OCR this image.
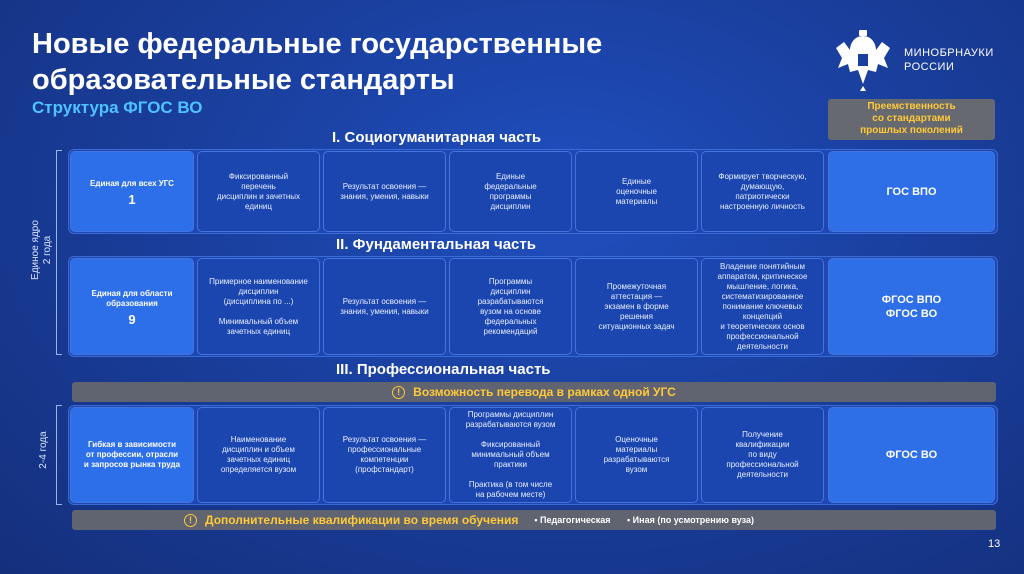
Новые федеральные государственные образовательные стандарты
Структура ФГОС ВО
МИНОБРНАУКИ
РОССИИ
Преемственность
со стандартами
прошлых поколений
Единое ядро
2 года
2-4 года
I. Социогуманитарная часть
Единая для всех УГС
1
Фиксированный
перечень
дисциплин и зачетных
единиц
Результат освоения —
знания, умения, навыки
Единые
федеральные
программы
дисциплин
Единые
оценочные
материалы
Формирует творческую,
думающую,
патриотически
настроенную личность
ГОС ВПО
II. Фундаментальная часть
Единая для области
образования
9
Примерное наименование
дисциплин
(дисциплина по ...)

Минимальный объем
зачетных единиц
Результат освоения —
знания, умения, навыки
Программы
дисциплин
разрабатываются
вузом на основе
федеральных
рекомендаций
Промежуточная
аттестация —
экзамен в форме
решения
ситуационных задач
Владение понятийным
аппаратом, критическое
мышление, логика,
систематизированное
понимание ключевых
концепций
и теоретических основ
профессиональной
деятельности
ФГОС ВПО
ФГОС ВО
III. Профессиональная часть
!	Возможность перевода в рамках одной УГС
Гибкая в зависимости
от профессии, отрасли
и запросов рынка труда
Наименование
дисциплин и объем
зачетных единиц
определяется вузом
Результат освоения —
профессиональные
компетенции
(профстандарт)
Программы дисциплин
разрабатываются вузом

Фиксированный
минимальный объем
практики

Практика (в том числе
на рабочем месте)
Оценочные
материалы
разрабатываются
вузом
Получение
квалификации
по виду
профессиональной
деятельности
ФГОС ВО
!	Дополнительные квалификации во время обучения • Педагогическая • Иная (по усмотрению вуза)
13
